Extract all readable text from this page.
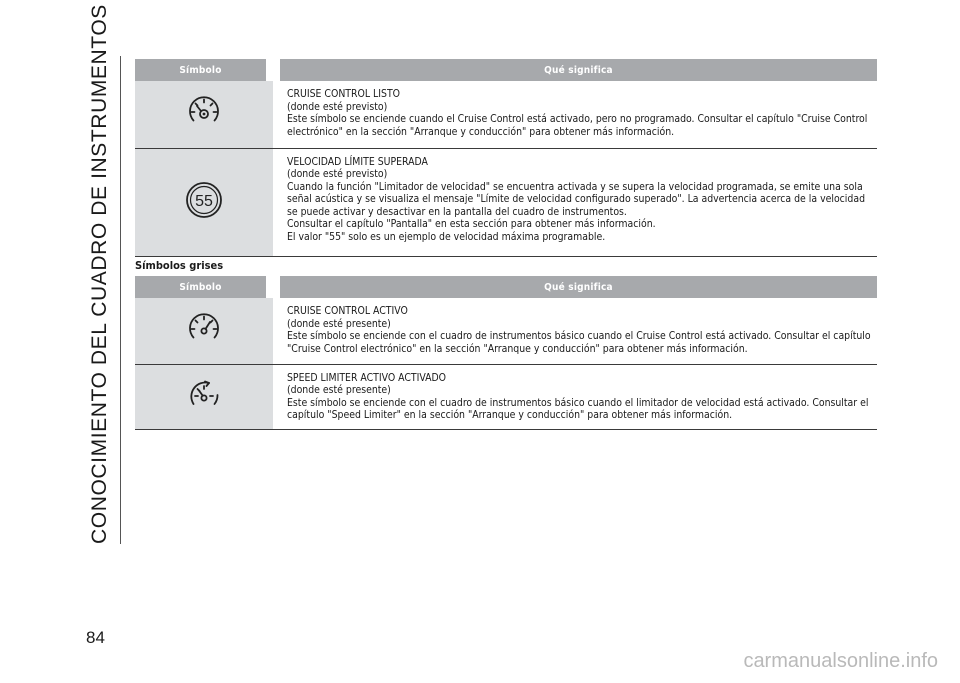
CONOCIMIENTO DEL CUADRO DE INSTRUMENTOS	Símbolo	Qué significa

CRUISE CONTROL LISTO
(donde esté previsto)
Este símbolo se enciende cuando el Cruise Control está activado, pero no programado. Consultar el capítulo "Cruise Control electrónico" en la sección "Arranque y conducción" para obtener más información.

55	VELOCIDAD LÍMITE SUPERADA
(donde esté previsto)
Cuando la función "Limitador de velocidad" se encuentra activada y se supera la velocidad programada, se emite una sola señal acústica y se visualiza el mensaje "Límite de velocidad configurado superado". La advertencia acerca de la velocidad se puede activar y desactivar en la pantalla del cuadro de instrumentos.
Consultar el capítulo "Pantalla" en esta sección para obtener más información.
El valor "55" solo es un ejemplo de velocidad máxima programable.
Símbolos grises
Símbolo	Qué significa

CRUISE CONTROL ACTIVO
(donde esté presente)
Este símbolo se enciende con el cuadro de instrumentos básico cuando el Cruise Control está activado. Consultar el capítulo "Cruise Control electrónico" en la sección "Arranque y conducción" para obtener más información.

SPEED LIMITER ACTIVO ACTIVADO
(donde esté presente)
Este símbolo se enciende con el cuadro de instrumentos básico cuando el limitador de velocidad está activado. Consultar el capítulo "Speed Limiter" en la sección "Arranque y conducción" para obtener más información.
84
carmanualsonline.info
